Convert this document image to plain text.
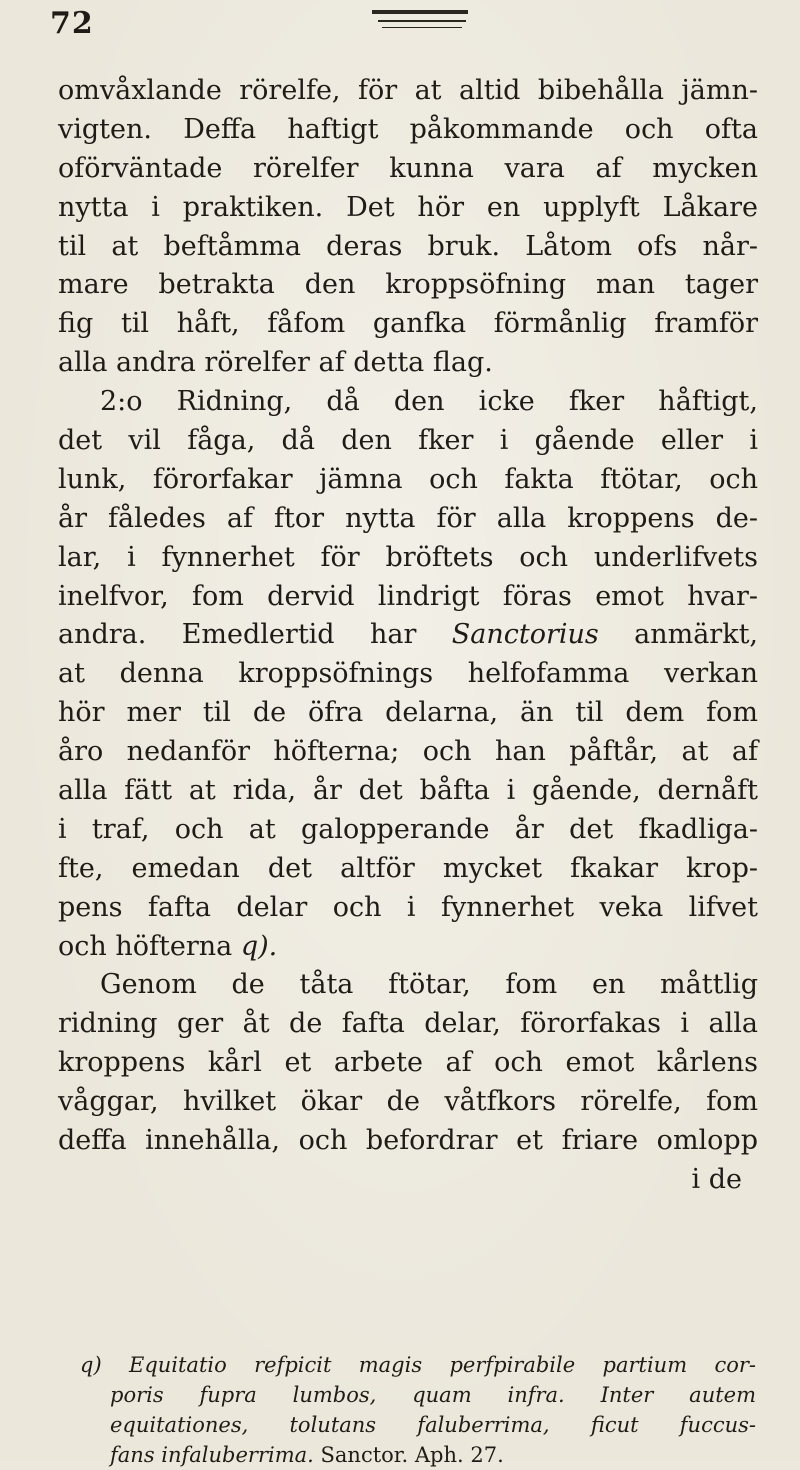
72
omvåxlande rörelfe, för at altid bibehålla jämn-
vigten. Deffa haftigt påkommande och ofta
oförväntade rörelfer kunna vara af mycken
nytta i praktiken. Det hör en upplyft Låkare
til at beftåmma deras bruk. Låtom ofs når-
mare betrakta den kroppsöfning man tager
fig til håft, fåfom ganfka förmånlig framför
alla andra rörelfer af detta flag.
2:o Ridning, då den icke fker håftigt,
det vil fåga, då den fker i gående eller i
lunk, förorfakar jämna och fakta ftötar, och
år fåledes af ftor nytta för alla kroppens de-
lar, i fynnerhet för bröftets och underlifvets
inelfvor, fom dervid lindrigt föras emot hvar-
andra. Emedlertid har Sanctorius anmärkt,
at denna kroppsöfnings helfofamma verkan
hör mer til de öfra delarna, än til dem fom
åro nedanför höfterna; och han påftår, at af
alla fätt at rida, år det båfta i gående, dernåft
i traf, och at galopperande år det fkadliga-
fte, emedan det altför mycket fkakar krop-
pens fafta delar och i fynnerhet veka lifvet
och höfterna q).
Genom de tåta ftötar, fom en måttlig
ridning ger åt de fafta delar, förorfakas i alla
kroppens kårl et arbete af och emot kårlens
våggar, hvilket ökar de våtfkors rörelfe, fom
deffa innehålla, och befordrar et friare omlopp
i de
q) Equitatio refpicit magis perfpirabile partium cor-
poris fupra lumbos, quam infra. Inter autem
equitationes, tolutans faluberrima, ficut fuccus-
fans infaluberrima. Sanctor. Aph. 27.
